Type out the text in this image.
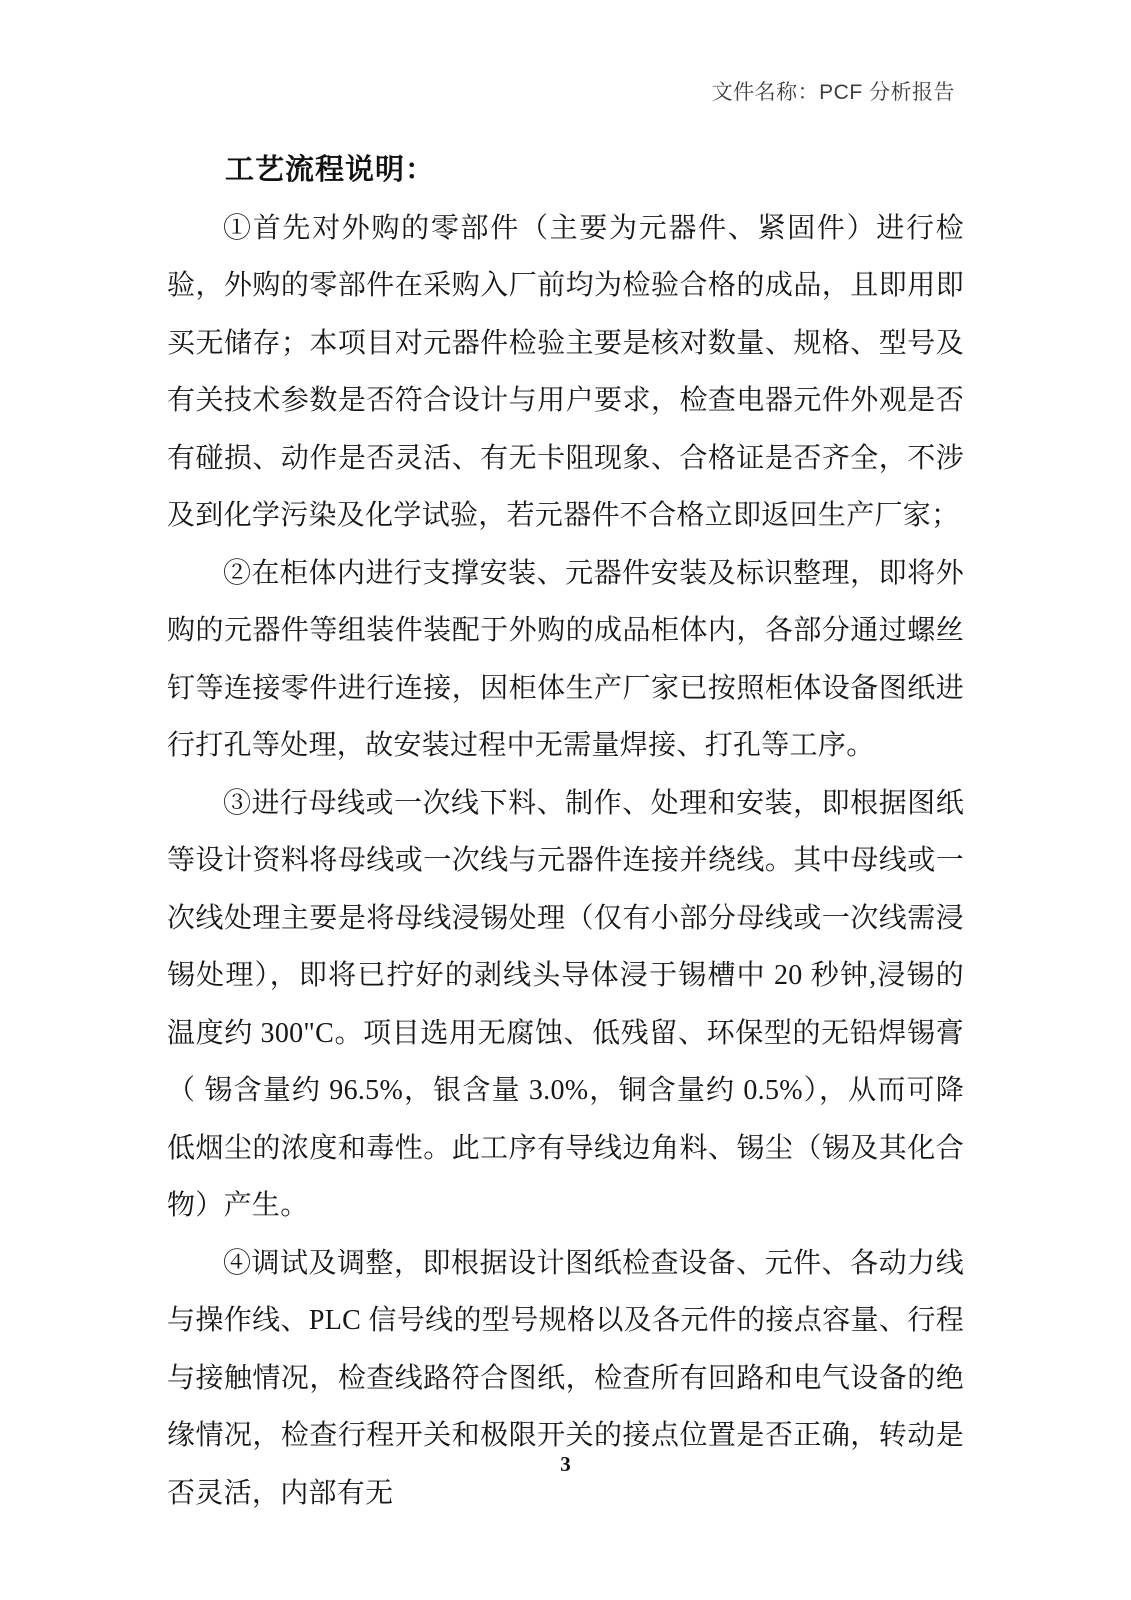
文件名称：PCF 分析报告
工艺流程说明：

①首先对外购的零部件（主要为元器件、紧固件）进行检验，外购的零部件在采购入厂前均为检验合格的成品，且即用即买无储存；本项目对元器件检验主要是核对数量、规格、型号及有关技术参数是否符合设计与用户要求，检查电器元件外观是否有碰损、动作是否灵活、有无卡阻现象、合格证是否齐全，不涉及到化学污染及化学试验，若元器件不合格立即返回生产厂家；

②在柜体内进行支撑安装、元器件安装及标识整理，即将外购的元器件等组装件装配于外购的成品柜体内，各部分通过螺丝钉等连接零件进行连接，因柜体生产厂家已按照柜体设备图纸进行打孔等处理，故安装过程中无需量焊接、打孔等工序。

③进行母线或一次线下料、制作、处理和安装，即根据图纸等设计资料将母线或一次线与元器件连接并绕线。其中母线或一次线处理主要是将母线浸锡处理（仅有小部分母线或一次线需浸锡处理），即将已拧好的剥线头导体浸于锡槽中 20 秒钟,浸锡的温度约 300"C。项目选用无腐蚀、低残留、环保型的无铅焊锡膏（ 锡含量约 96.5%，银含量 3.0%，铜含量约 0.5%），从而可降低烟尘的浓度和毒性。此工序有导线边角料、锡尘（锡及其化合物）产生。

④调试及调整，即根据设计图纸检查设备、元件、各动力线与操作线、PLC 信号线的型号规格以及各元件的接点容量、行程与接触情况，检查线路符合图纸，检查所有回路和电气设备的绝缘情况，检查行程开关和极限开关的接点位置是否正确，转动是否灵活，内部有无

3
